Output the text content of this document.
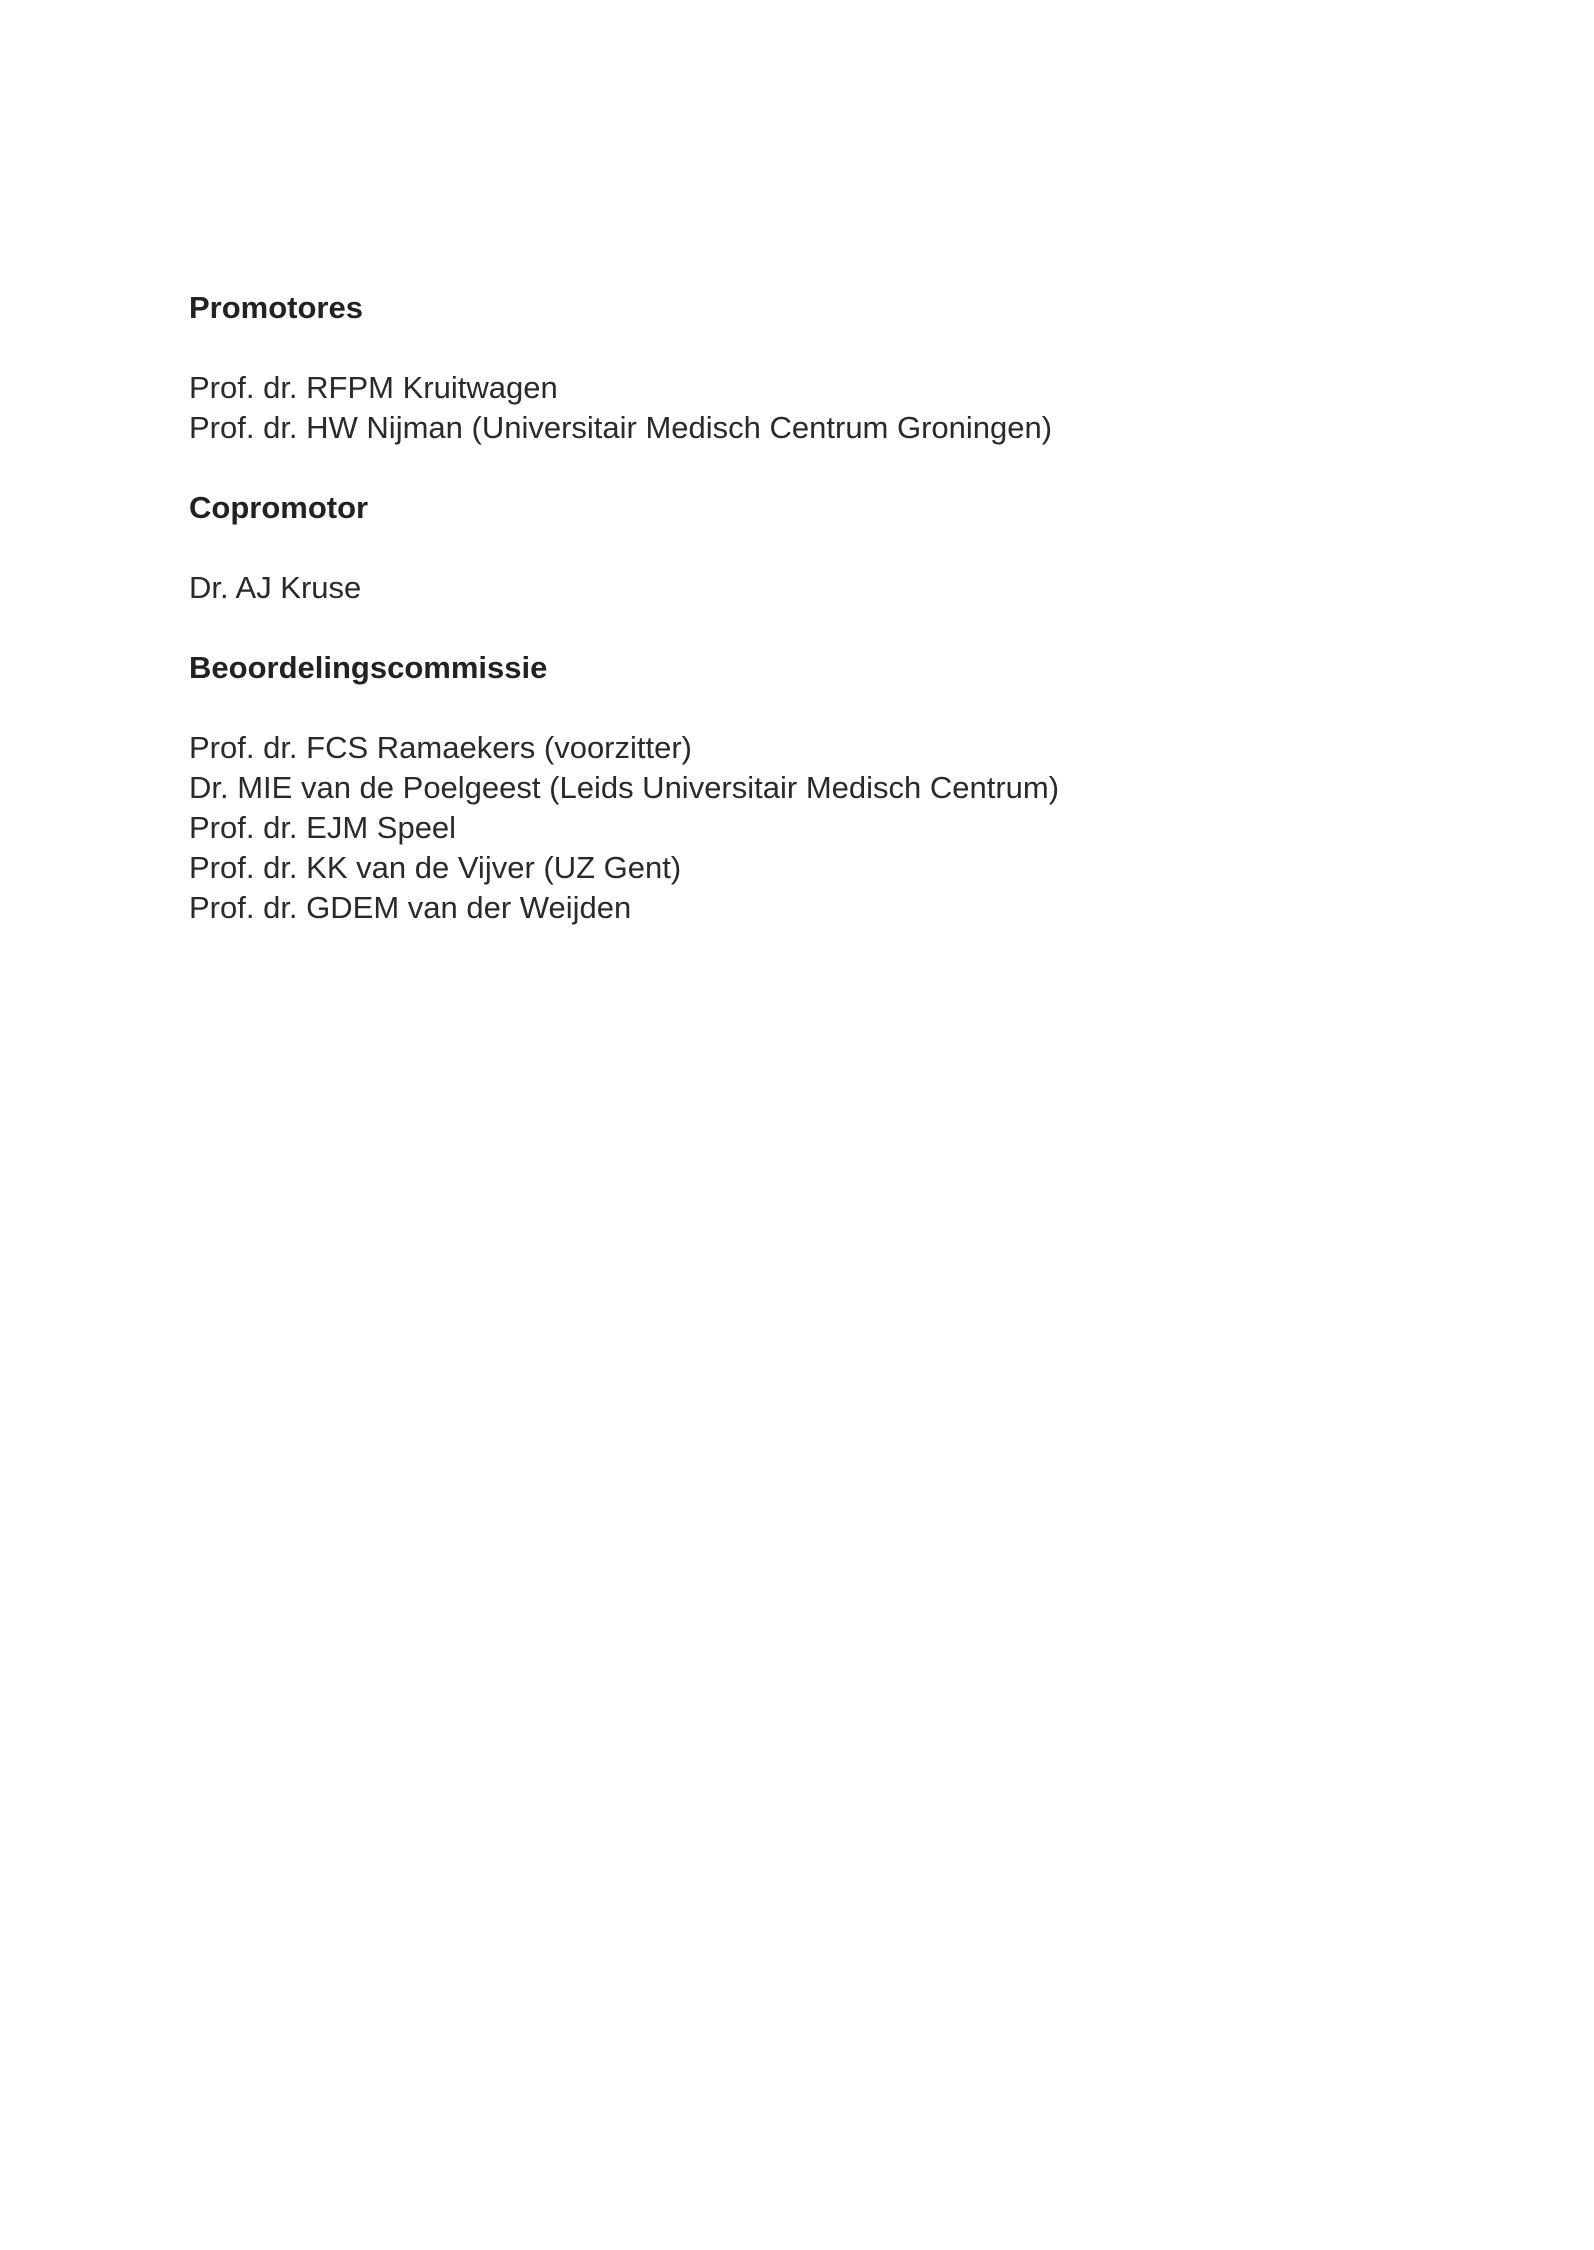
Promotores
Prof. dr. RFPM Kruitwagen
Prof. dr. HW Nijman (Universitair Medisch Centrum Groningen)
Copromotor
Dr. AJ Kruse
Beoordelingscommissie
Prof. dr. FCS Ramaekers (voorzitter)
Dr. MIE van de Poelgeest (Leids Universitair Medisch Centrum)
Prof. dr. EJM Speel
Prof. dr. KK van de Vijver (UZ Gent)
Prof. dr. GDEM van der Weijden
